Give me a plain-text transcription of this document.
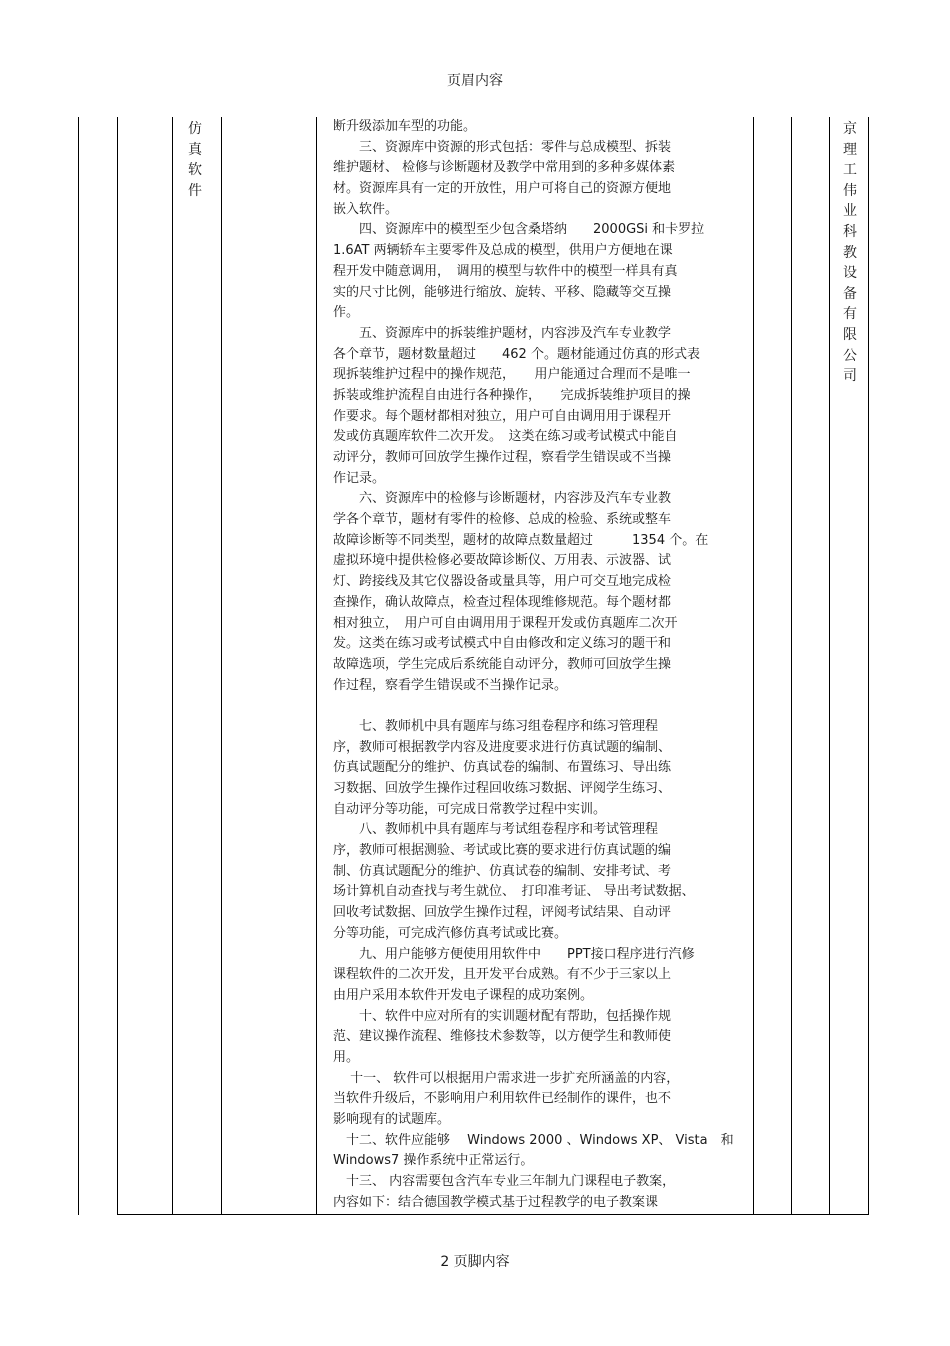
页眉内容
仿
真
软
件
京
理
工
伟
业
科
教
设
备
有
限
公
司
断升级添加车型的功能。
　　三、资源库中资源的形式包括：零件与总成模型、拆装
维护题材、 检修与诊断题材及教学中常用到的多种多媒体素
材。资源库具有一定的开放性，用户可将自己的资源方便地
嵌入软件。
　　四、资源库中的模型至少包含桑塔纳　　2000GSi 和卡罗拉
1.6AT 两辆轿车主要零件及总成的模型，供用户方便地在课
程开发中随意调用，　调用的模型与软件中的模型一样具有真
实的尺寸比例，能够进行缩放、旋转、平移、隐藏等交互操
作。
　　五、资源库中的拆装维护题材，内容涉及汽车专业教学
各个章节，题材数量超过　　462 个。题材能通过仿真的形式表
现拆装维护过程中的操作规范，　　用户能通过合理而不是唯一
拆装或维护流程自由进行各种操作，　　完成拆装维护项目的操
作要求。每个题材都相对独立，用户可自由调用用于课程开
发或仿真题库软件二次开发。　这类在练习或考试模式中能自
动评分，教师可回放学生操作过程，察看学生错误或不当操
作记录。
　　六、资源库中的检修与诊断题材，内容涉及汽车专业教
学各个章节，题材有零件的检修、总成的检验、系统或整车
故障诊断等不同类型，题材的故障点数量超过　　　1354 个。在
虚拟环境中提供检修必要故障诊断仪、万用表、示波器、试
灯、跨接线及其它仪器设备或量具等，用户可交互地完成检
查操作，确认故障点，检查过程体现维修规范。每个题材都
相对独立，　用户可自由调用用于课程开发或仿真题库二次开
发。这类在练习或考试模式中自由修改和定义练习的题干和
故障选项，学生完成后系统能自动评分，教师可回放学生操
作过程，察看学生错误或不当操作记录。
　　七、教师机中具有题库与练习组卷程序和练习管理程
序，教师可根据教学内容及进度要求进行仿真试题的编制、
仿真试题配分的维护、仿真试卷的编制、布置练习、导出练
习数据、回放学生操作过程回收练习数据、评阅学生练习、
自动评分等功能，可完成日常教学过程中实训。
　　八、教师机中具有题库与考试组卷程序和考试管理程
序，教师可根据测验、考试或比赛的要求进行仿真试题的编
制、仿真试题配分的维护、仿真试卷的编制、安排考试、考
场计算机自动查找与考生就位、　打印准考证、 导出考试数据、
回收考试数据、回放学生操作过程，评阅考试结果、自动评
分等功能，可完成汽修仿真考试或比赛。
　　九、用户能够方便使用用软件中　　PPT接口程序进行汽修
课程软件的二次开发，且开发平台成熟。有不少于三家以上
由用户采用本软件开发电子课程的成功案例。
　　十、软件中应对所有的实训题材配有帮助，包括操作规
范、建议操作流程、维修技术参数等，以方便学生和教师使
用。
　 十一、 软件可以根据用户需求进一步扩充所涵盖的内容，
当软件升级后，不影响用户利用软件已经制作的课件，也不
影响现有的试题库。
　十二、软件应能够　 Windows 2000 、Windows XP、 Vista　和
Windows7 操作系统中正常运行。
　十三、 内容需要包含汽车专业三年制九门课程电子教案，
内容如下：结合德国教学模式基于过程教学的电子教案课
2 页脚内容
